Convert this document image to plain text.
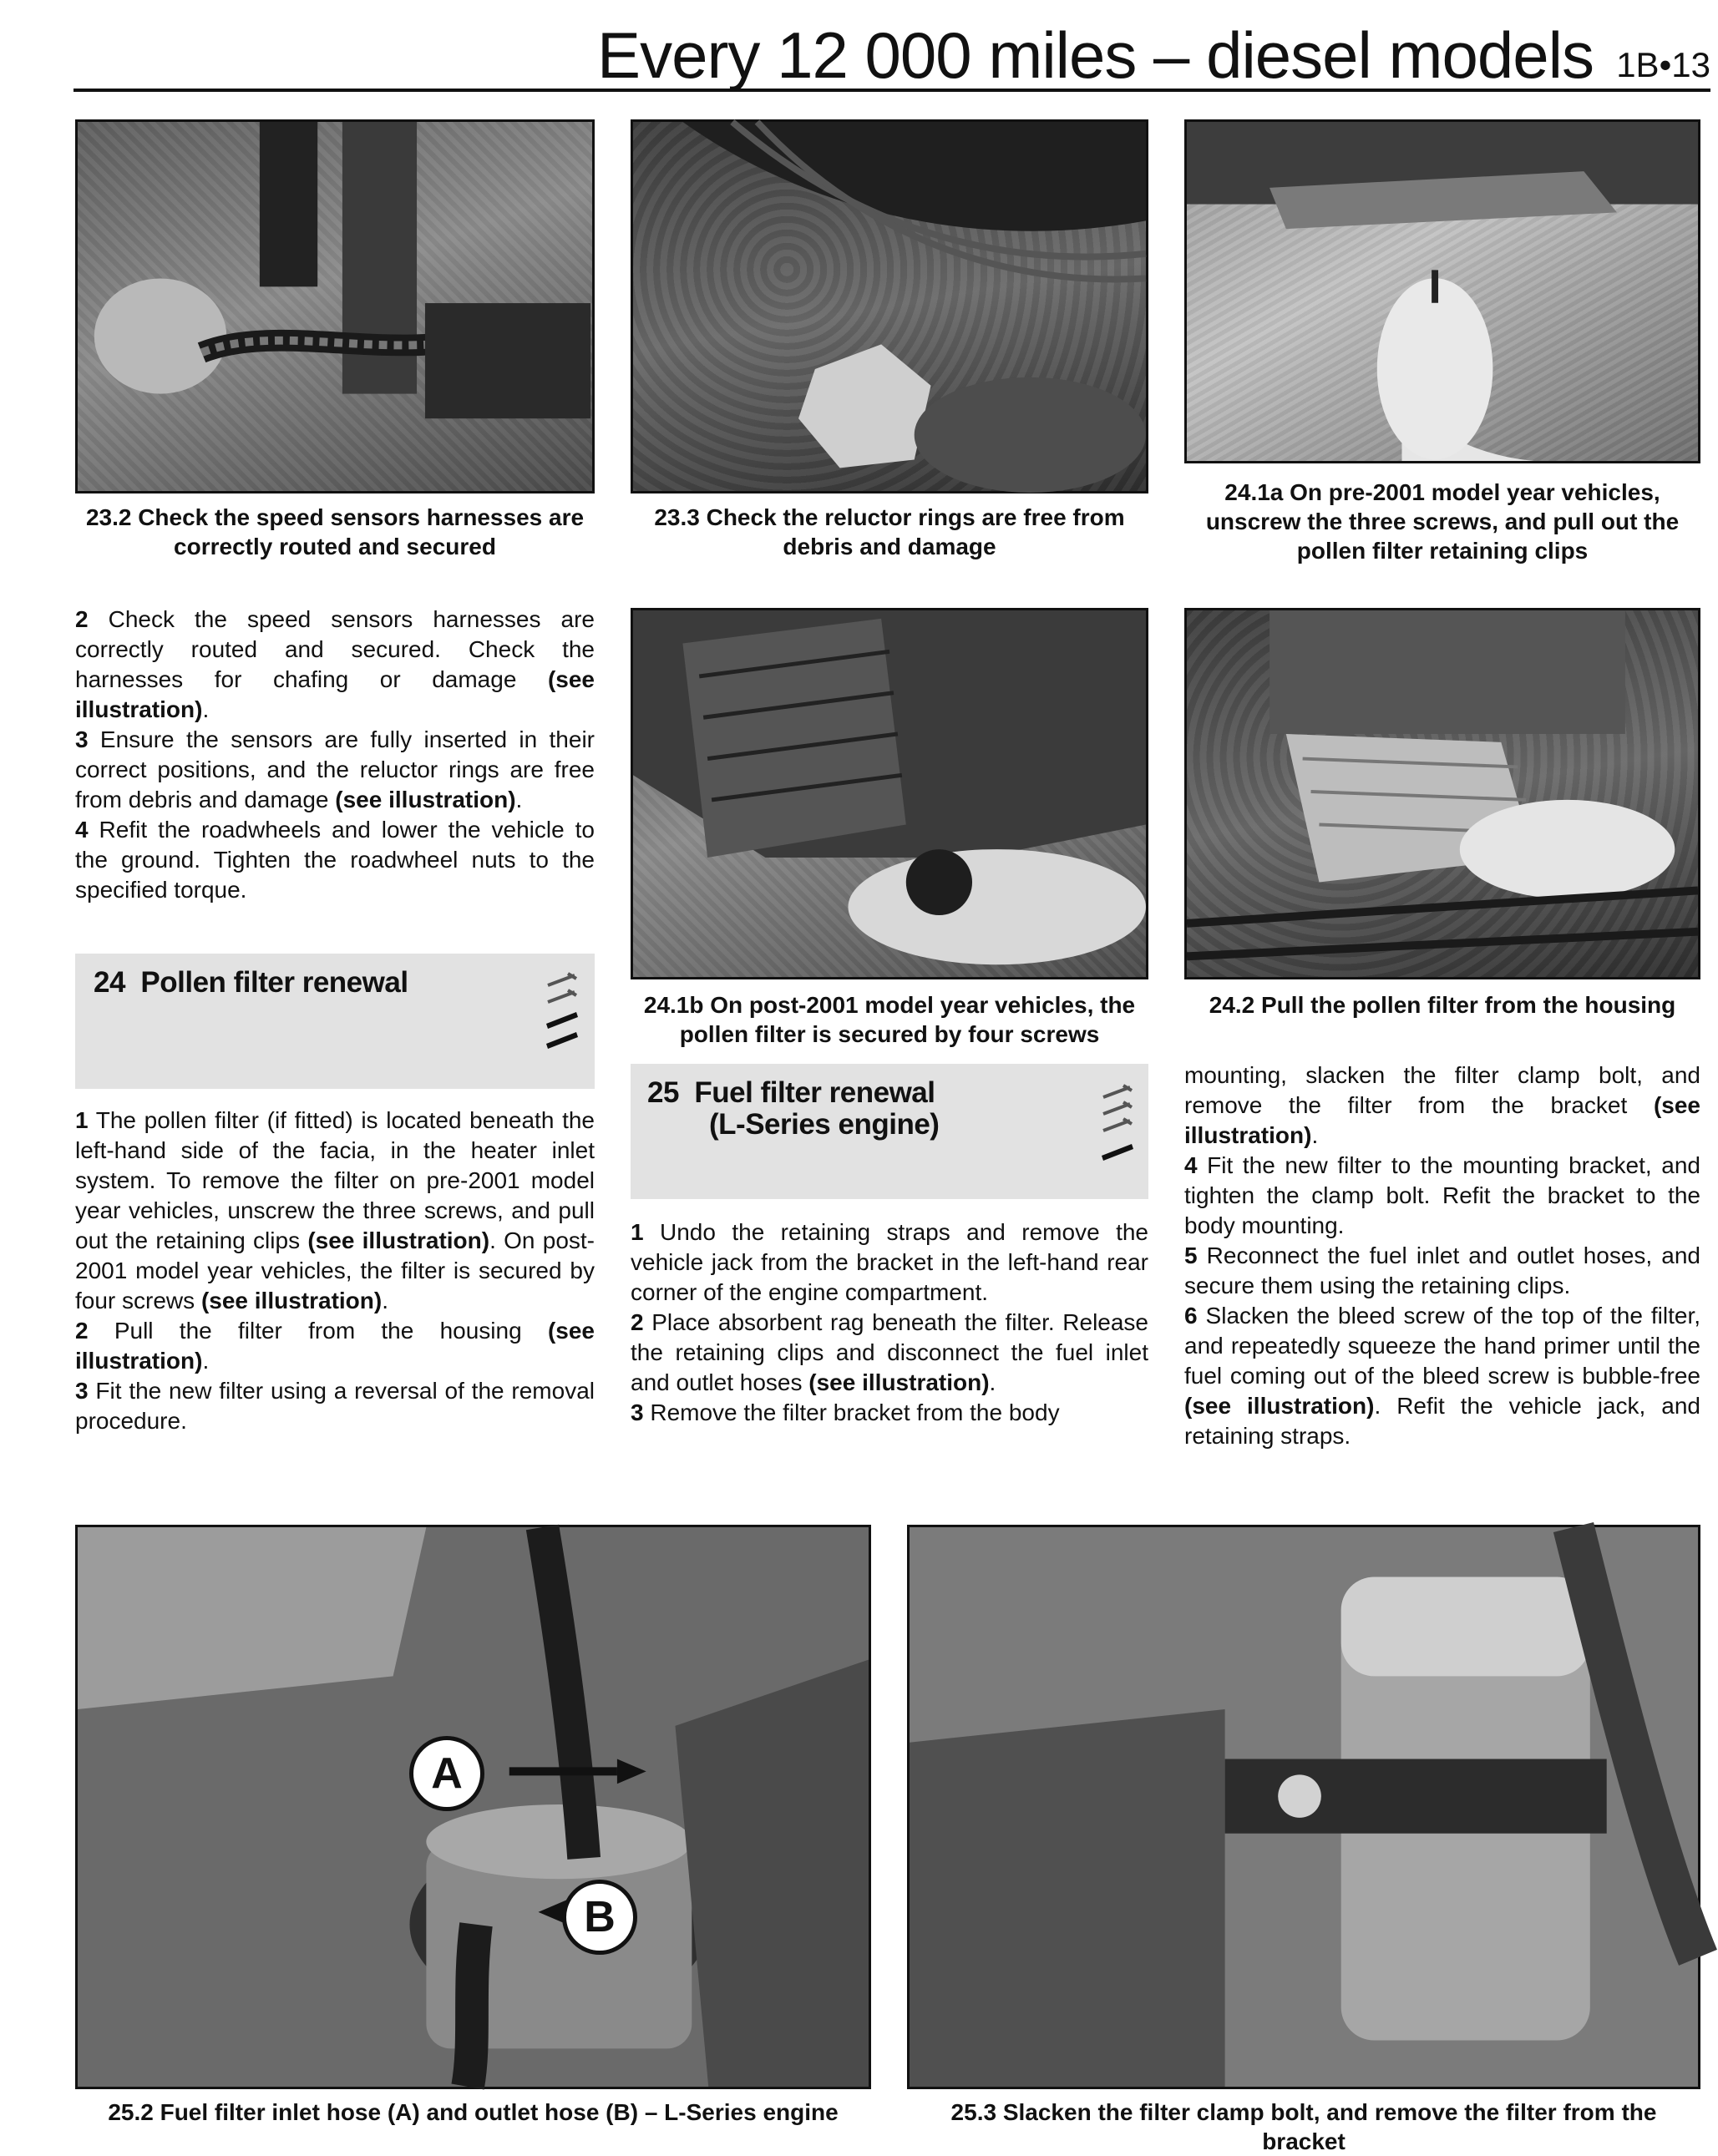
Every 12 000 miles – diesel models 1B•13
23.2 Check the speed sensors harnesses are correctly routed and secured
23.3 Check the reluctor rings are free from debris and damage
24.1a On pre-2001 model year vehicles, unscrew the three screws, and pull out the pollen filter retaining clips

2 Check the speed sensors harnesses are correctly routed and secured. Check the harnesses for chafing or damage (see illustration).

3 Ensure the sensors are fully inserted in their correct positions, and the reluctor rings are free from debris and damage (see illustration).

4 Refit the roadwheels and lower the vehicle to the ground. Tighten the roadwheel nuts to the specified torque.

24 Pollen filter renewal

1 The pollen filter (if fitted) is located beneath the left-hand side of the facia, in the heater inlet system. To remove the filter on pre-2001 model year vehicles, unscrew the three screws, and pull out the retaining clips (see illustration). On post-2001 model year vehicles, the filter is secured by four screws (see illustration).

2 Pull the filter from the housing (see illustration).

3 Fit the new filter using a reversal of the removal procedure.

24.1b On post-2001 model year vehicles, the pollen filter is secured by four screws
24.2 Pull the pollen filter from the housing
25 Fuel filter renewal
(L-Series engine)

1 Undo the retaining straps and remove the vehicle jack from the bracket in the left-hand rear corner of the engine compartment.

2 Place absorbent rag beneath the filter. Release the retaining clips and disconnect the fuel inlet and outlet hoses (see illustration).

3 Remove the filter bracket from the body

mounting, slacken the filter clamp bolt, and remove the filter from the bracket (see illustration).

4 Fit the new filter to the mounting bracket, and tighten the clamp bolt. Refit the bracket to the body mounting.

5 Reconnect the fuel inlet and outlet hoses, and secure them using the retaining clips.

6 Slacken the bleed screw of the top of the filter, and repeatedly squeeze the hand primer until the fuel coming out of the bleed screw is bubble-free (see illustration). Refit the vehicle jack, and retaining straps.

A
B
25.2 Fuel filter inlet hose (A) and outlet hose (B) – L-Series engine	25.3 Slacken the filter clamp bolt, and remove the filter from the bracket
